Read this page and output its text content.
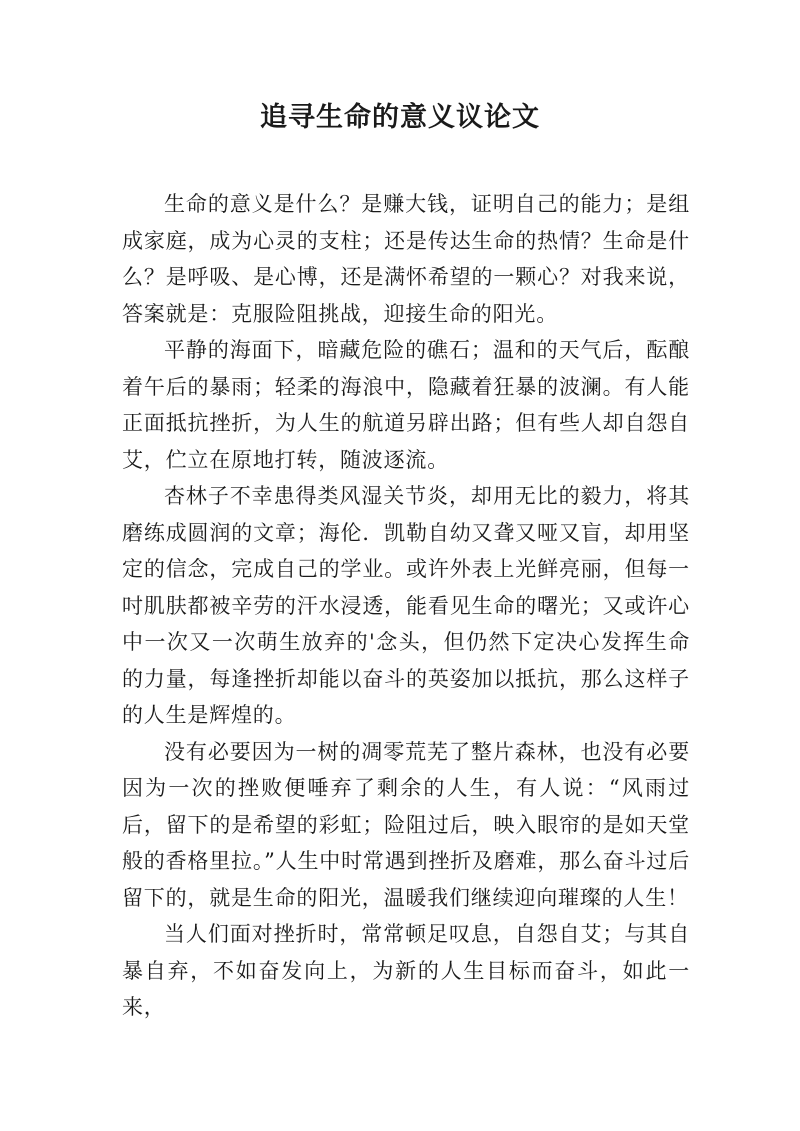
追寻生命的意义议论文

生命的意义是什么？是赚大钱，证明自己的能力；是组成家庭，成为心灵的支柱；还是传达生命的热情？生命是什么？是呼吸、是心博，还是满怀希望的一颗心？对我来说，答案就是：克服险阻挑战，迎接生命的阳光。

平静的海面下，暗藏危险的礁石；温和的天气后，酝酿着午后的暴雨；轻柔的海浪中，隐藏着狂暴的波澜。有人能正面抵抗挫折，为人生的航道另辟出路；但有些人却自怨自艾，伫立在原地打转，随波逐流。

杏林子不幸患得类风湿关节炎，却用无比的毅力，将其磨练成圆润的文章；海伦．凯勒自幼又聋又哑又盲，却用坚定的信念，完成自己的学业。或许外表上光鲜亮丽，但每一吋肌肤都被辛劳的汗水浸透，能看见生命的曙光；又或许心中一次又一次萌生放弃的'念头，但仍然下定决心发挥生命的力量，每逢挫折却能以奋斗的英姿加以抵抗，那么这样子的人生是辉煌的。

没有必要因为一树的凋零荒芜了整片森林，也没有必要因为一次的挫败便唾弃了剩余的人生，有人说：“风雨过后，留下的是希望的彩虹；险阻过后，映入眼帘的是如天堂般的香格里拉。”人生中时常遇到挫折及磨难，那么奋斗过后留下的，就是生命的阳光，温暖我们继续迎向璀璨的人生！

当人们面对挫折时，常常顿足叹息，自怨自艾；与其自暴自弃，不如奋发向上，为新的人生目标而奋斗，如此一来，
